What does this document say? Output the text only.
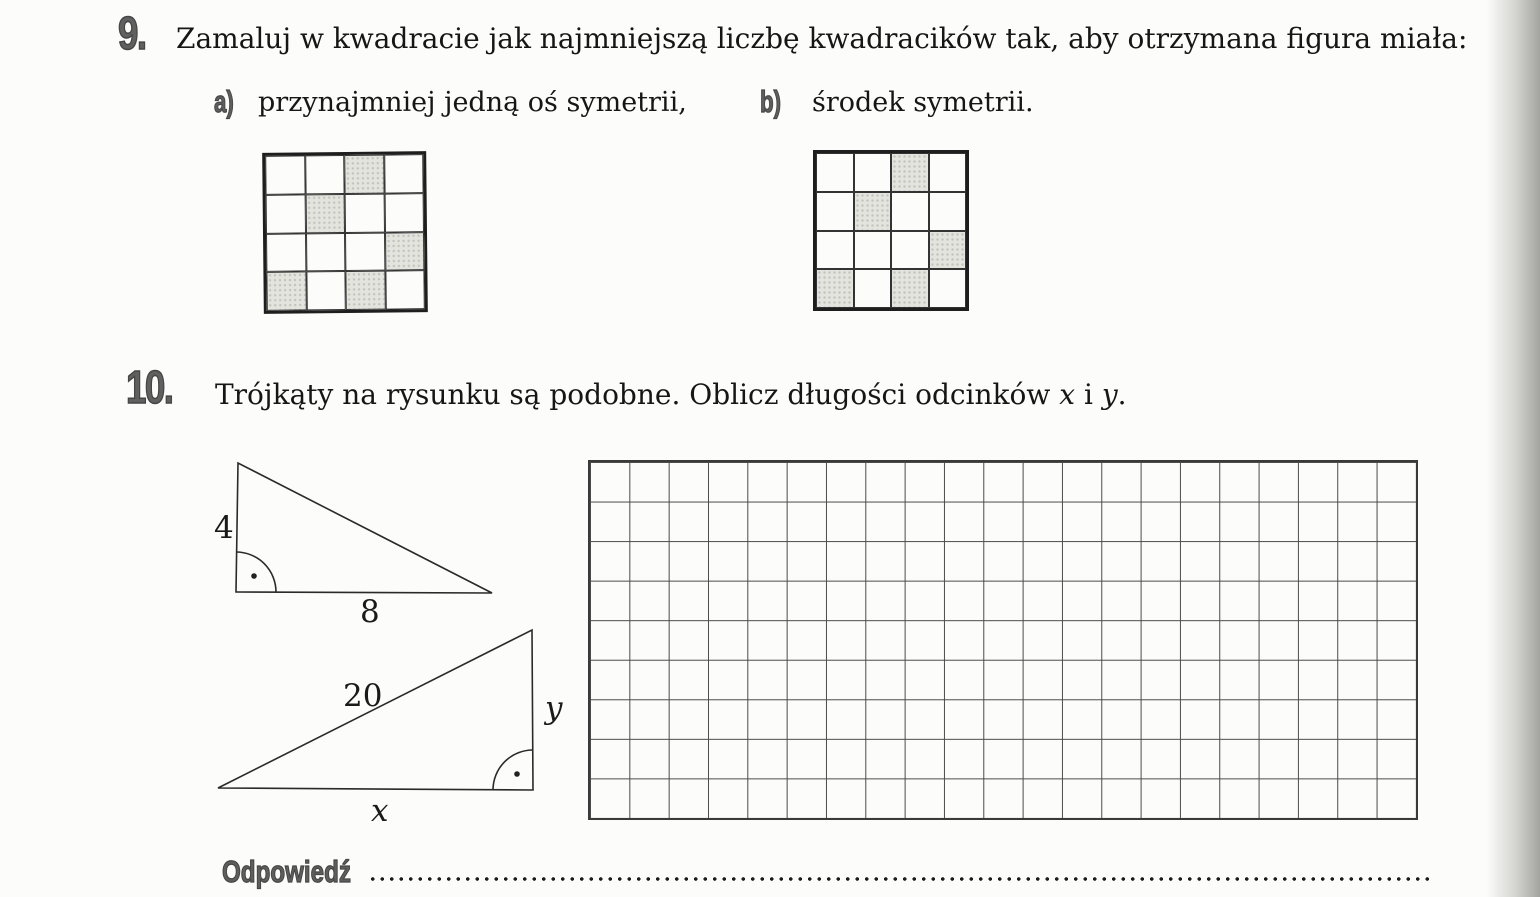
9. Zamaluj w kwadracie jak najmniejszą liczbę kwadracików tak, aby otrzymana figura miała:

a) przynajmniej jedną oś symetrii, b) środek symetrii.
10. Trójkąty na rysunku są podobne. Oblicz długości odcinków x i y.

4
8
20	y
x
Odpowiedź
